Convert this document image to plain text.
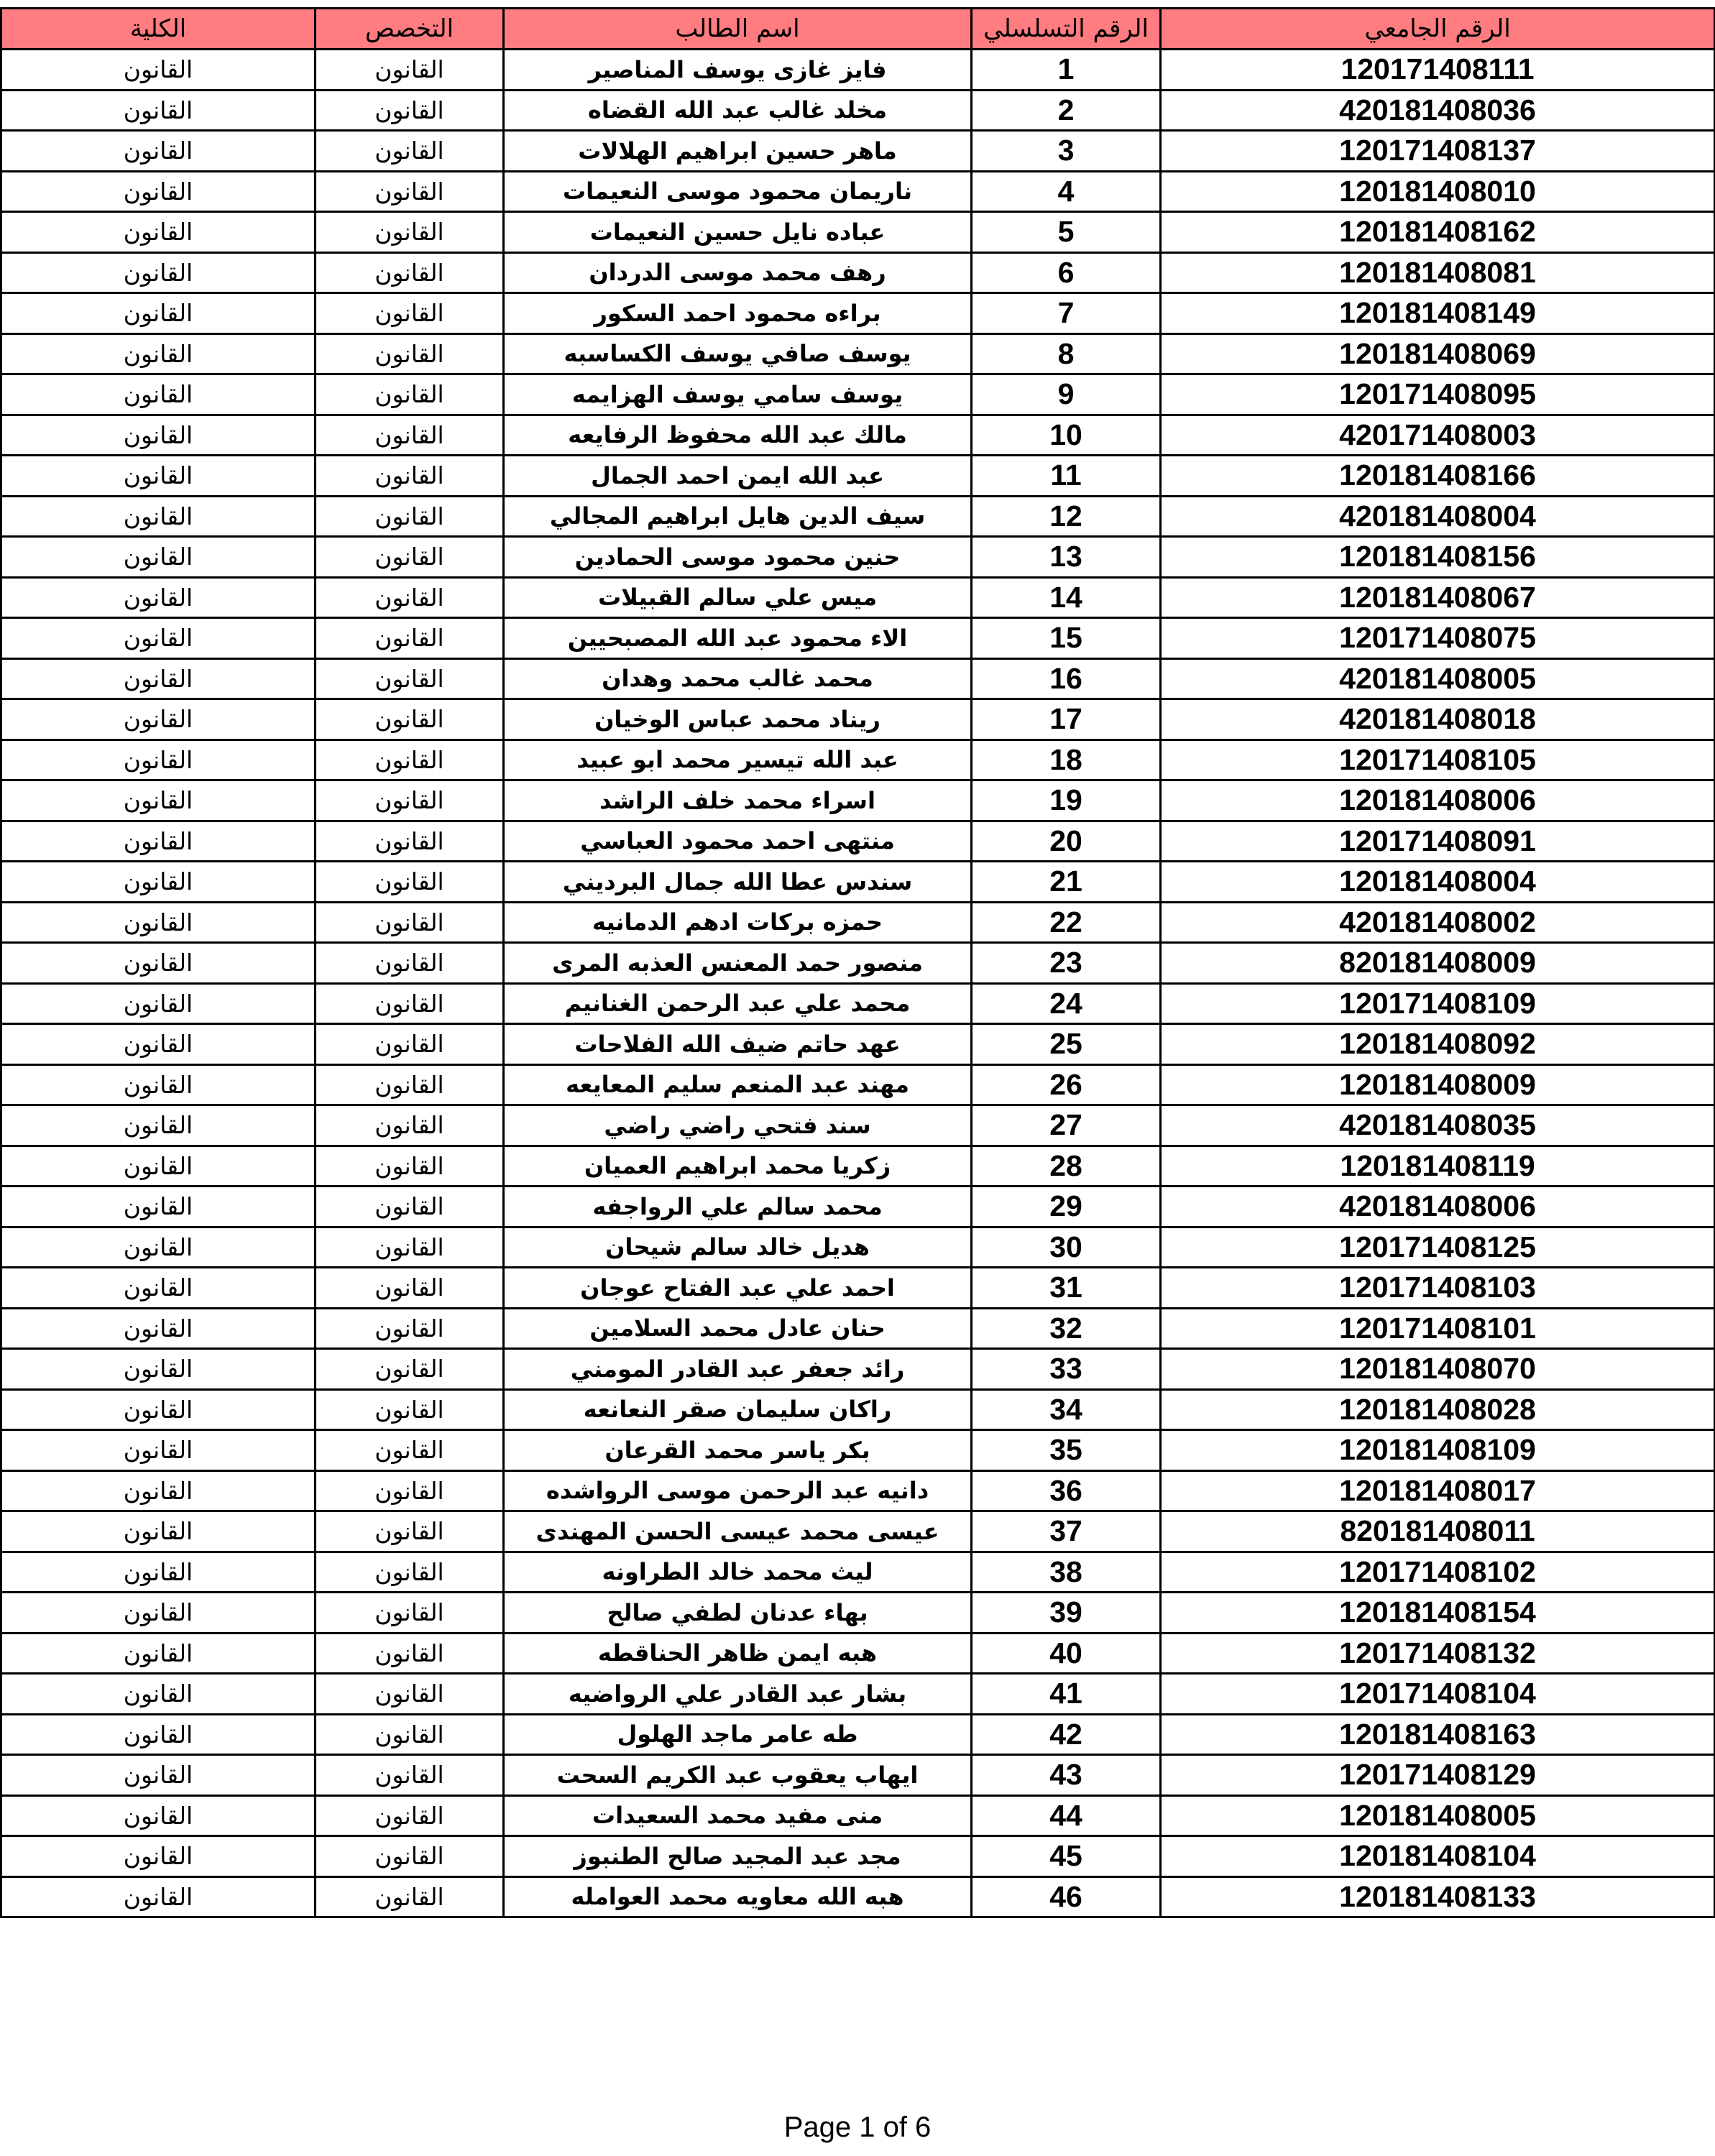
الكلية	التخصص	اسم الطالب	الرقم التسلسلي	الرقم الجامعي
القانون	القانون	فايز غازى يوسف المناصير	1	120171408111
القانون	القانون	مخلد غالب عبد الله القضاه	2	420181408036
القانون	القانون	ماهر حسين ابراهيم الهلالات	3	120171408137
القانون	القانون	ناريمان محمود موسى النعيمات	4	120181408010
القانون	القانون	عباده نايل حسين النعيمات	5	120181408162
القانون	القانون	رهف محمد موسى الدردان	6	120181408081
القانون	القانون	براءه محمود احمد السكور	7	120181408149
القانون	القانون	يوسف صافي يوسف الكساسبه	8	120181408069
القانون	القانون	يوسف سامي يوسف الهزايمه	9	120171408095
القانون	القانون	مالك عبد الله محفوظ الرفايعه	10	420171408003
القانون	القانون	عبد الله ايمن احمد الجمال	11	120181408166
القانون	القانون	سيف الدين هايل ابراهيم المجالي	12	420181408004
القانون	القانون	حنين محمود موسى الحمادين	13	120181408156
القانون	القانون	ميس علي سالم القبيلات	14	120181408067
القانون	القانون	الاء محمود عبد الله المصبحيين	15	120171408075
القانون	القانون	محمد غالب محمد وهدان	16	420181408005
القانون	القانون	ريناد محمد عباس الوخيان	17	420181408018
القانون	القانون	عبد الله تيسير محمد ابو عبيد	18	120171408105
القانون	القانون	اسراء محمد خلف الراشد	19	120181408006
القانون	القانون	منتهى احمد محمود العباسي	20	120171408091
القانون	القانون	سندس عطا الله جمال البرديني	21	120181408004
القانون	القانون	حمزه بركات ادهم الدمانيه	22	420181408002
القانون	القانون	منصور حمد المعنس العذبه المرى	23	820181408009
القانون	القانون	محمد علي عبد الرحمن الغنانيم	24	120171408109
القانون	القانون	عهد حاتم ضيف الله الفلاحات	25	120181408092
القانون	القانون	مهند عبد المنعم سليم المعايعه	26	120181408009
القانون	القانون	سند فتحي راضي راضي	27	420181408035
القانون	القانون	زكريا محمد ابراهيم العميان	28	120181408119
القانون	القانون	محمد سالم علي الرواجفه	29	420181408006
القانون	القانون	هديل خالد سالم شيحان	30	120171408125
القانون	القانون	احمد علي عبد الفتاح عوجان	31	120171408103
القانون	القانون	حنان عادل محمد السلامين	32	120171408101
القانون	القانون	رائد جعفر عبد القادر المومني	33	120181408070
القانون	القانون	راكان سليمان صقر النعانعه	34	120181408028
القانون	القانون	بكر ياسر محمد القرعان	35	120181408109
القانون	القانون	دانيه عبد الرحمن موسى الرواشده	36	120181408017
القانون	القانون	عيسى محمد عيسى الحسن المهندى	37	820181408011
القانون	القانون	ليث محمد خالد الطراونه	38	120171408102
القانون	القانون	بهاء عدنان لطفي صالح	39	120181408154
القانون	القانون	هبه ايمن ظاهر الحناقطه	40	120171408132
القانون	القانون	بشار عبد القادر علي الرواضيه	41	120171408104
القانون	القانون	طه عامر ماجد الهلول	42	120181408163
القانون	القانون	ايهاب يعقوب عبد الكريم السحت	43	120171408129
القانون	القانون	منى مفيد محمد السعيدات	44	120181408005
القانون	القانون	مجد عبد المجيد صالح الطنبوز	45	120181408104
القانون	القانون	هبه الله معاويه محمد العوامله	46	120181408133
Page 1 of 6
